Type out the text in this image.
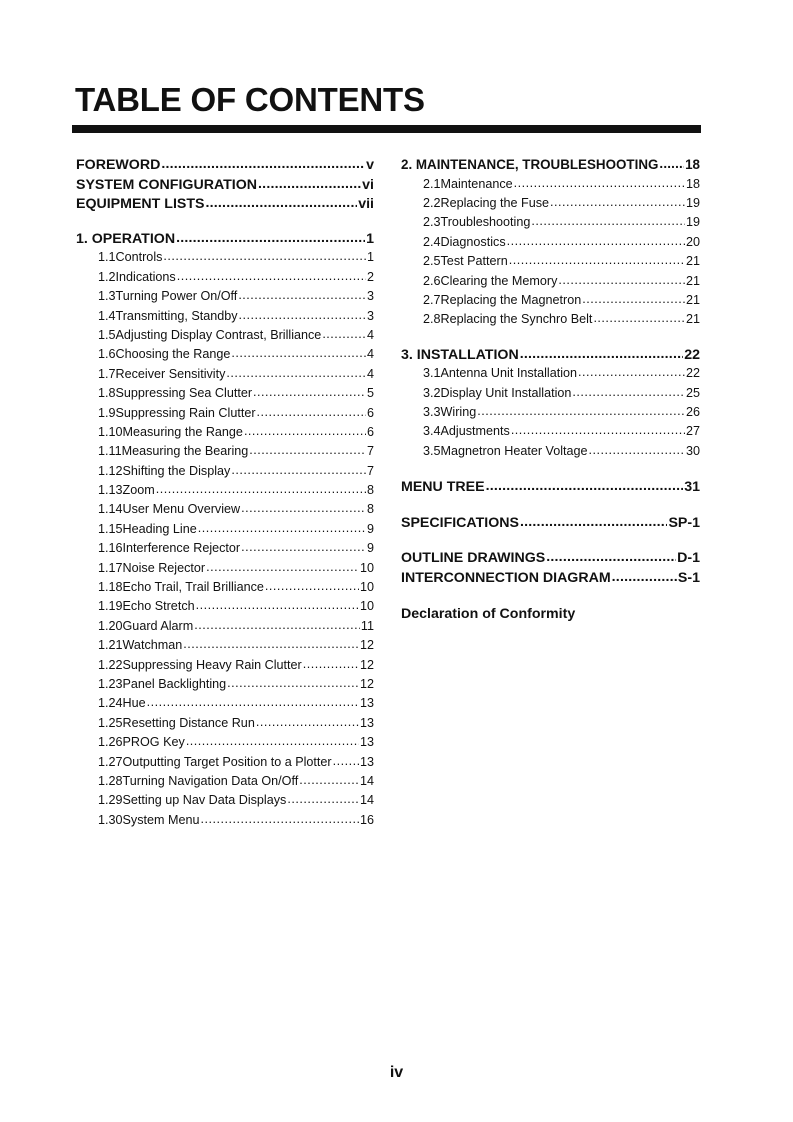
TABLE OF CONTENTS
FOREWORD .....	v
SYSTEM CONFIGURATION .....	vi
EQUIPMENT LISTS .....	vii
1. OPERATION .....	1
1.1 Controls .....	1
1.2 Indications .....	2
1.3 Turning Power On/Off .....	3
1.4 Transmitting, Standby .....	3
1.5 Adjusting Display Contrast, Brilliance .....	4
1.6 Choosing the Range .....	4
1.7 Receiver Sensitivity .....	4
1.8 Suppressing Sea Clutter .....	5
1.9 Suppressing Rain Clutter .....	6
1.10 Measuring the Range .....	6
1.11 Measuring the Bearing .....	7
1.12 Shifting the Display .....	7
1.13 Zoom .....	8
1.14 User Menu Overview .....	8
1.15 Heading Line .....	9
1.16 Interference Rejector .....	9
1.17 Noise Rejector .....	10
1.18 Echo Trail, Trail Brilliance .....	10
1.19 Echo Stretch .....	10
1.20 Guard Alarm .....	11
1.21 Watchman .....	12
1.22 Suppressing Heavy Rain Clutter .....	12
1.23 Panel Backlighting .....	12
1.24 Hue .....	13
1.25 Resetting Distance Run .....	13
1.26 PROG Key .....	13
1.27 Outputting Target Position to a Plotter ..... 13
1.28 Turning Navigation Data On/Off .....	14
1.29 Setting up Nav Data Displays .....	14
1.30 System Menu .....	16
2. MAINTENANCE, TROUBLESHOOTING ..... 18
2.1 Maintenance .....	18
2.2 Replacing the Fuse .....	19
2.3 Troubleshooting .....	19
2.4 Diagnostics .....	20
2.5 Test Pattern .....	21
2.6 Clearing the Memory .....	21
2.7 Replacing the Magnetron .....	21
2.8 Replacing the Synchro Belt .....	21
3. INSTALLATION .....	22
3.1 Antenna Unit Installation .....	22
3.2 Display Unit Installation .....	25
3.3 Wiring .....	26
3.4 Adjustments .....	27
3.5 Magnetron Heater Voltage .....	30
MENU TREE .....	31
SPECIFICATIONS .....	SP-1
OUTLINE DRAWINGS .....	D-1
INTERCONNECTION DIAGRAM .....	S-1
Declaration of Conformity
iv
